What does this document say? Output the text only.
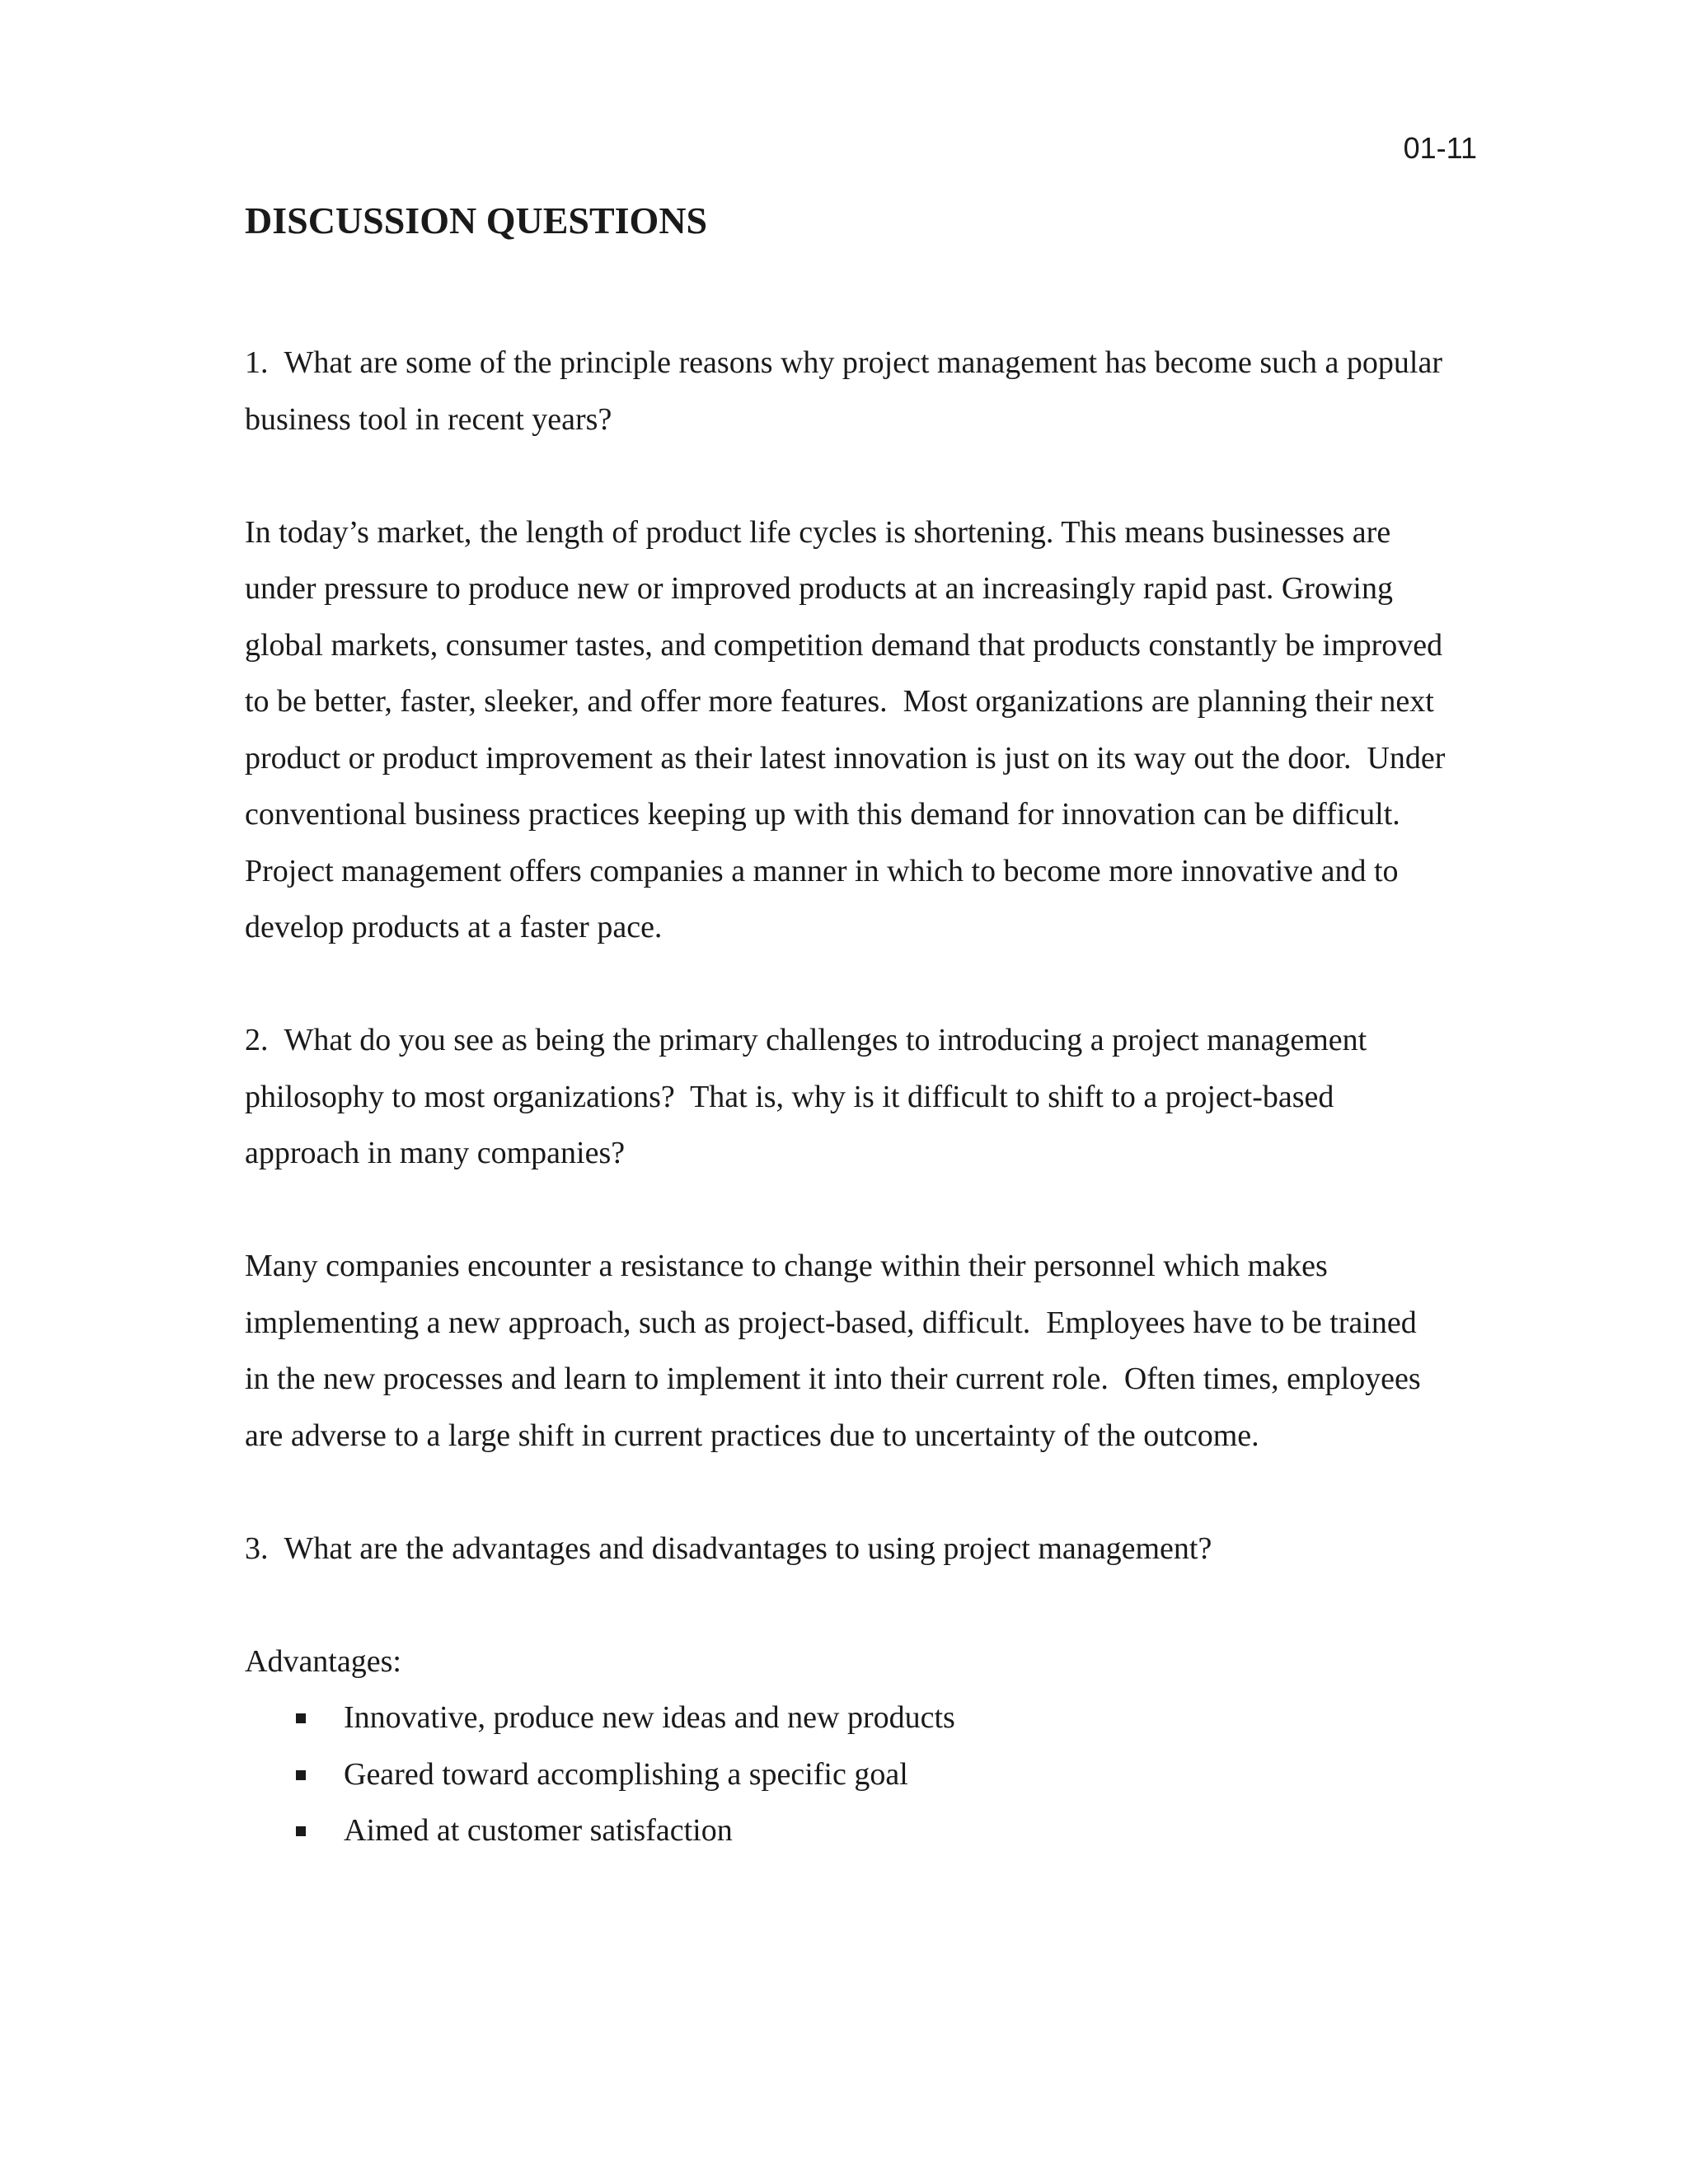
01-11
DISCUSSION QUESTIONS

1.  What are some of the principle reasons why project management has become such a popular business tool in recent years?

In today’s market, the length of product life cycles is shortening. This means businesses are under pressure to produce new or improved products at an increasingly rapid past. Growing global markets, consumer tastes, and competition demand that products constantly be improved to be better, faster, sleeker, and offer more features.  Most organizations are planning their next product or product improvement as their latest innovation is just on its way out the door.  Under conventional business practices keeping up with this demand for innovation can be difficult.  Project management offers companies a manner in which to become more innovative and to develop products at a faster pace.

2.  What do you see as being the primary challenges to introducing a project management philosophy to most organizations?  That is, why is it difficult to shift to a project-based approach in many companies?

Many companies encounter a resistance to change within their personnel which makes implementing a new approach, such as project-based, difficult.  Employees have to be trained in the new processes and learn to implement it into their current role.  Often times, employees are adverse to a large shift in current practices due to uncertainty of the outcome.

3.  What are the advantages and disadvantages to using project management?

Advantages:

Innovative, produce new ideas and new products
Geared toward accomplishing a specific goal
Aimed at customer satisfaction
